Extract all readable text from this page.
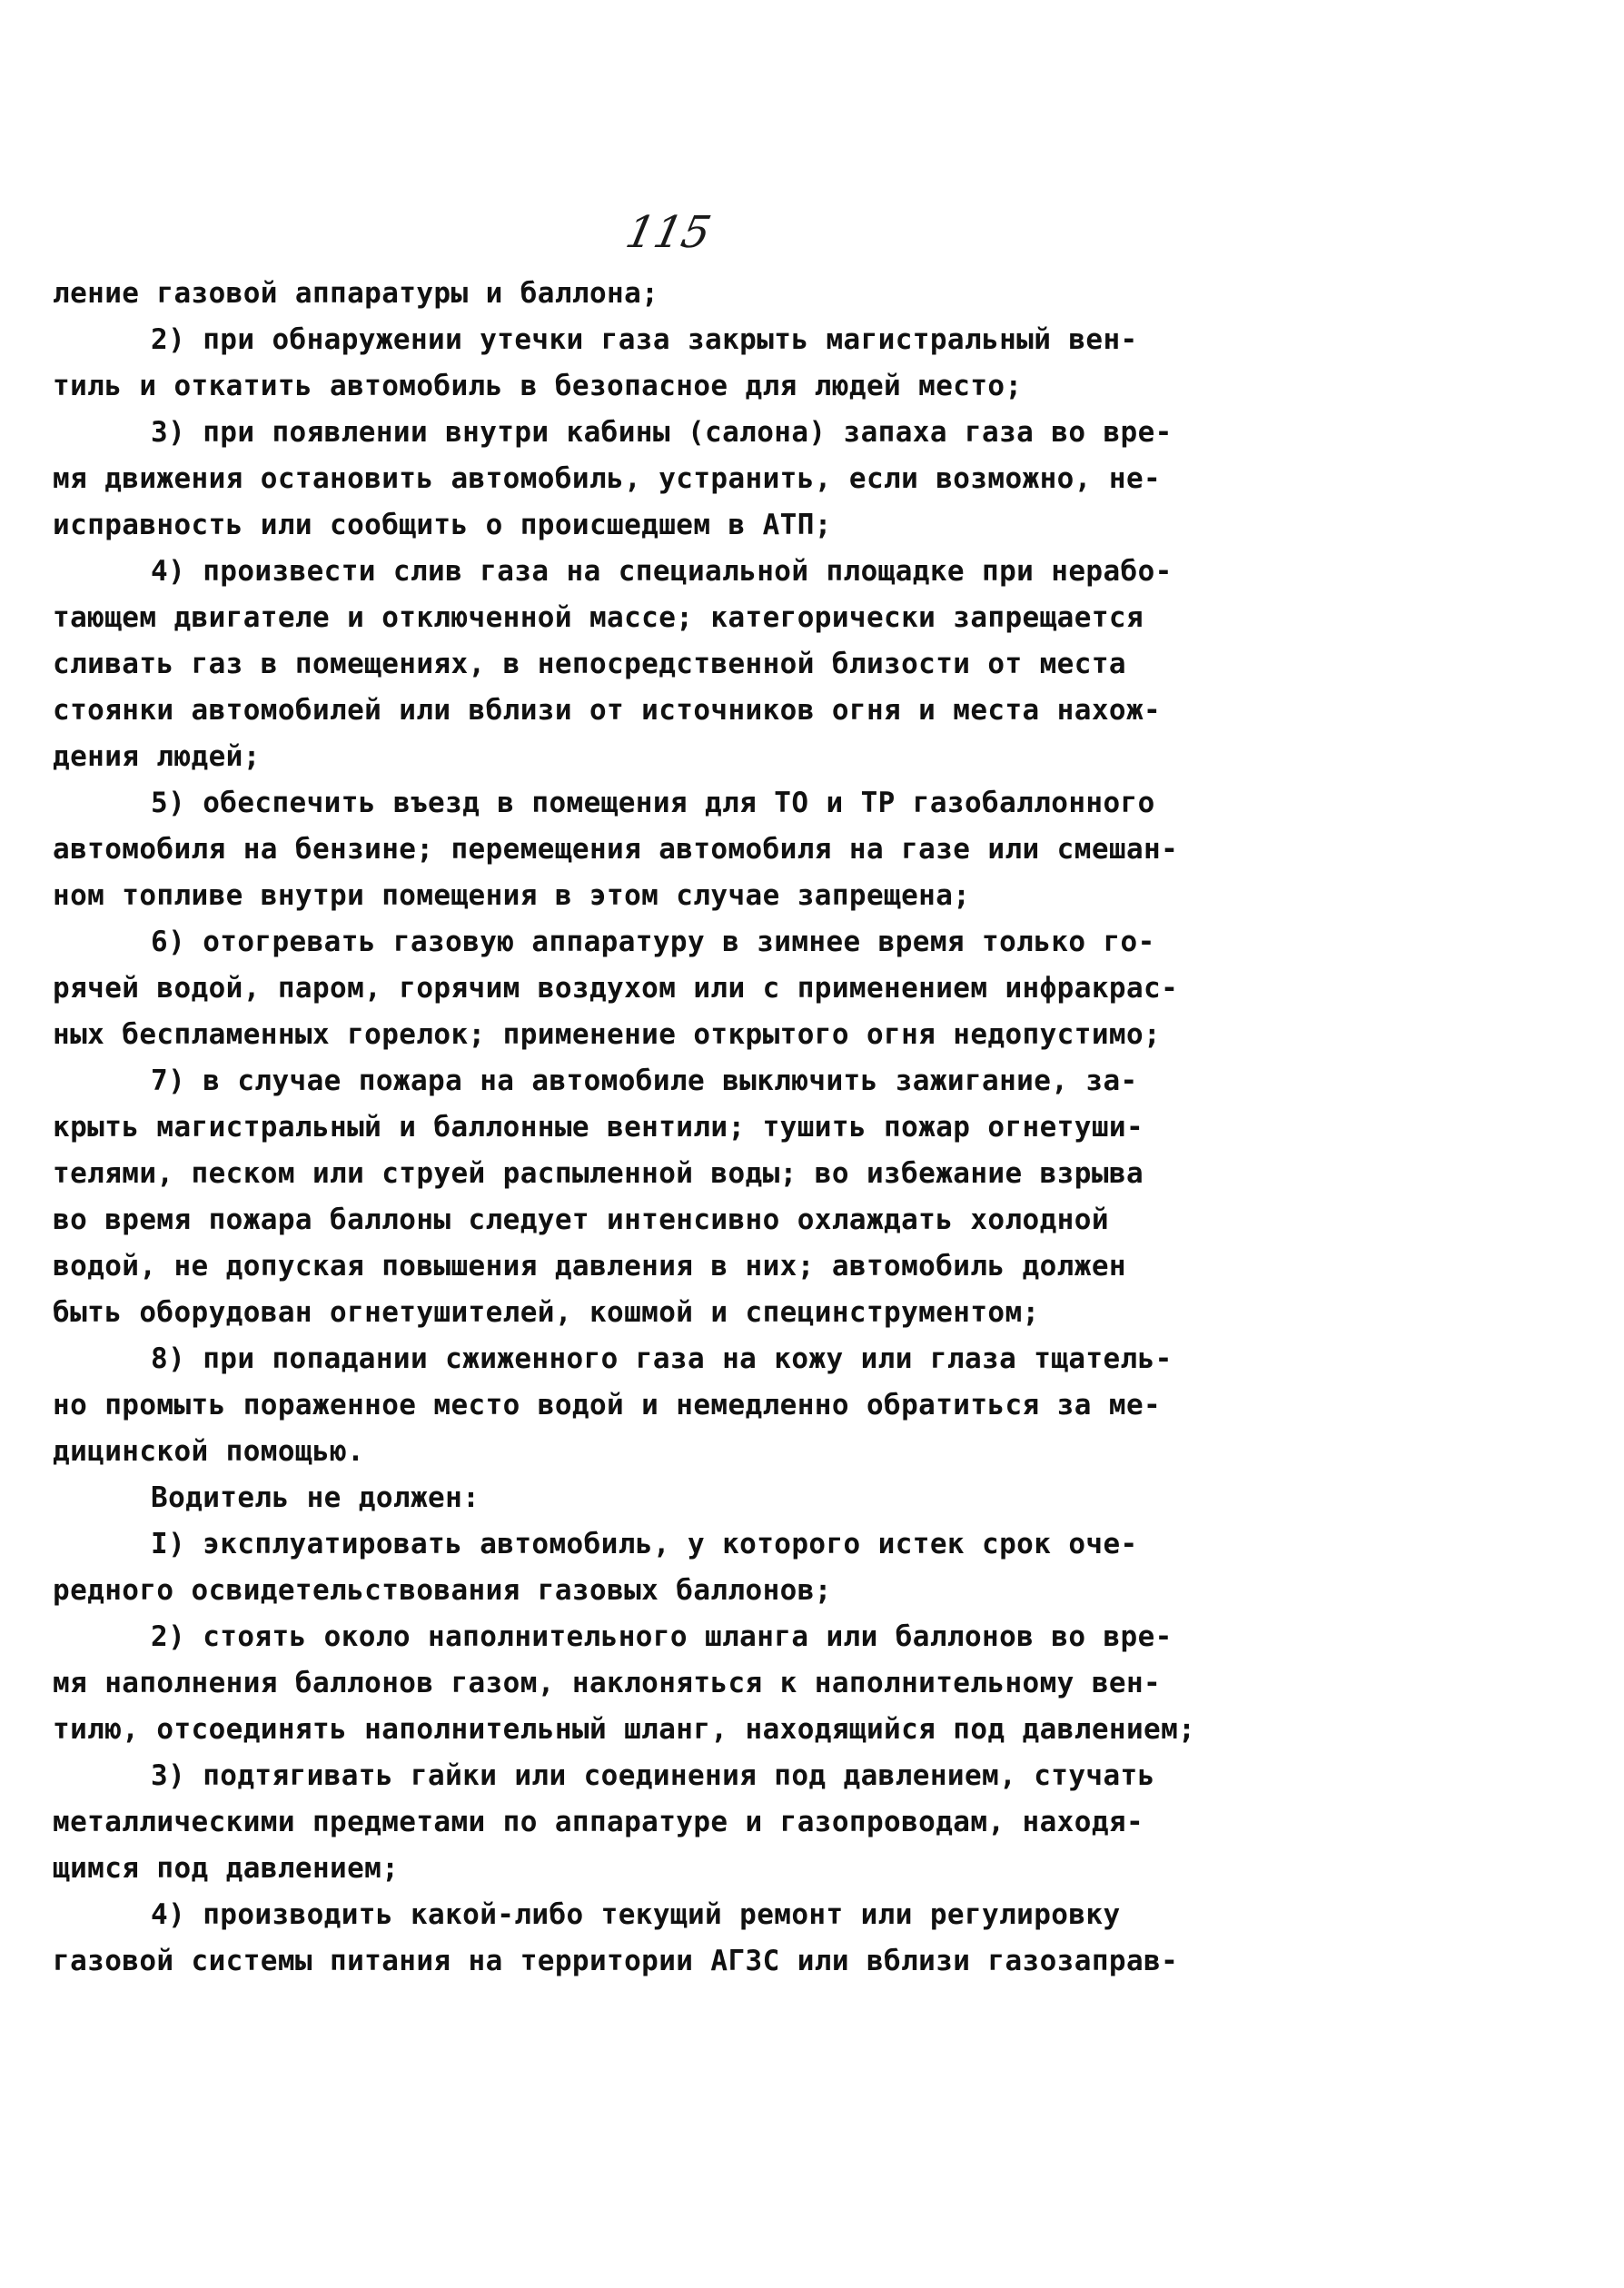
115
ление газовой аппаратуры и баллона;
2) при обнаружении утечки газа закрыть магистральный вен-
тиль и откатить автомобиль в безопасное для людей место;
3) при появлении внутри кабины (салона) запаха газа во вре-
мя движения остановить автомобиль, устранить, если возможно, не-
исправность или сообщить о происшедшем в АТП;
4) произвести слив газа на специальной площадке при нерабо-
тающем двигателе и отключенной массе; категорически запрещается
сливать газ в помещениях, в непосредственной близости от места
стоянки автомобилей или вблизи от источников огня и места нахож-
дения людей;
5) обеспечить въезд в помещения для ТО и ТР газобаллонного
автомобиля на бензине; перемещения автомобиля на газе или смешан-
ном топливе внутри помещения в этом случае запрещена;
6) отогревать газовую аппаратуру в зимнее время только го-
рячей водой, паром, горячим воздухом или с применением инфракрас-
ных беспламенных горелок; применение открытого огня недопустимо;
7) в случае пожара на автомобиле выключить зажигание, за-
крыть магистральный и баллонные вентили; тушить пожар огнетуши-
телями, песком или струей распыленной воды; во избежание взрыва
во время пожара баллоны следует интенсивно охлаждать холодной
водой, не допуская повышения давления в них; автомобиль должен
быть оборудован огнетушителей, кошмой и специнструментом;
8) при попадании сжиженного газа на кожу или глаза тщатель-
но промыть пораженное место водой и немедленно обратиться за ме-
дицинской помощью.
Водитель не должен:
I) эксплуатировать автомобиль, у которого истек срок оче-
редного освидетельствования газовых баллонов;
2) стоять около наполнительного шланга или баллонов во вре-
мя наполнения баллонов газом, наклоняться к наполнительному вен-
тилю, отсоединять наполнительный шланг, находящийся под давлением;
3) подтягивать гайки или соединения под давлением, стучать
металлическими предметами по аппаратуре и газопроводам, находя-
щимся под давлением;
4) производить какой-либо текущий ремонт или регулировку
газовой системы питания на территории АГЗС или вблизи газозаправ-
